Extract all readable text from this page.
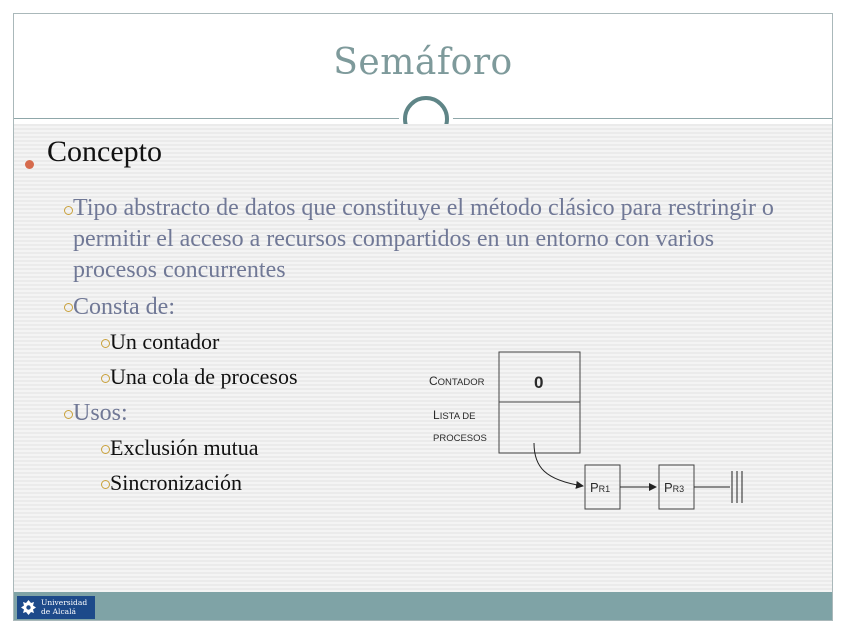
Semáforo
Universidad
de Alcalá
Concepto
Tipo abstracto de datos que constituye el método clásico para restringir o permitir el acceso a recursos compartidos en un entorno con varios procesos concurrentes
Consta de:
Un contador
Una cola de procesos
Usos:
Exclusión mutua
Sincronización
CONTADOR	0
LISTA DE
PROCESOS
PR1	PR3
